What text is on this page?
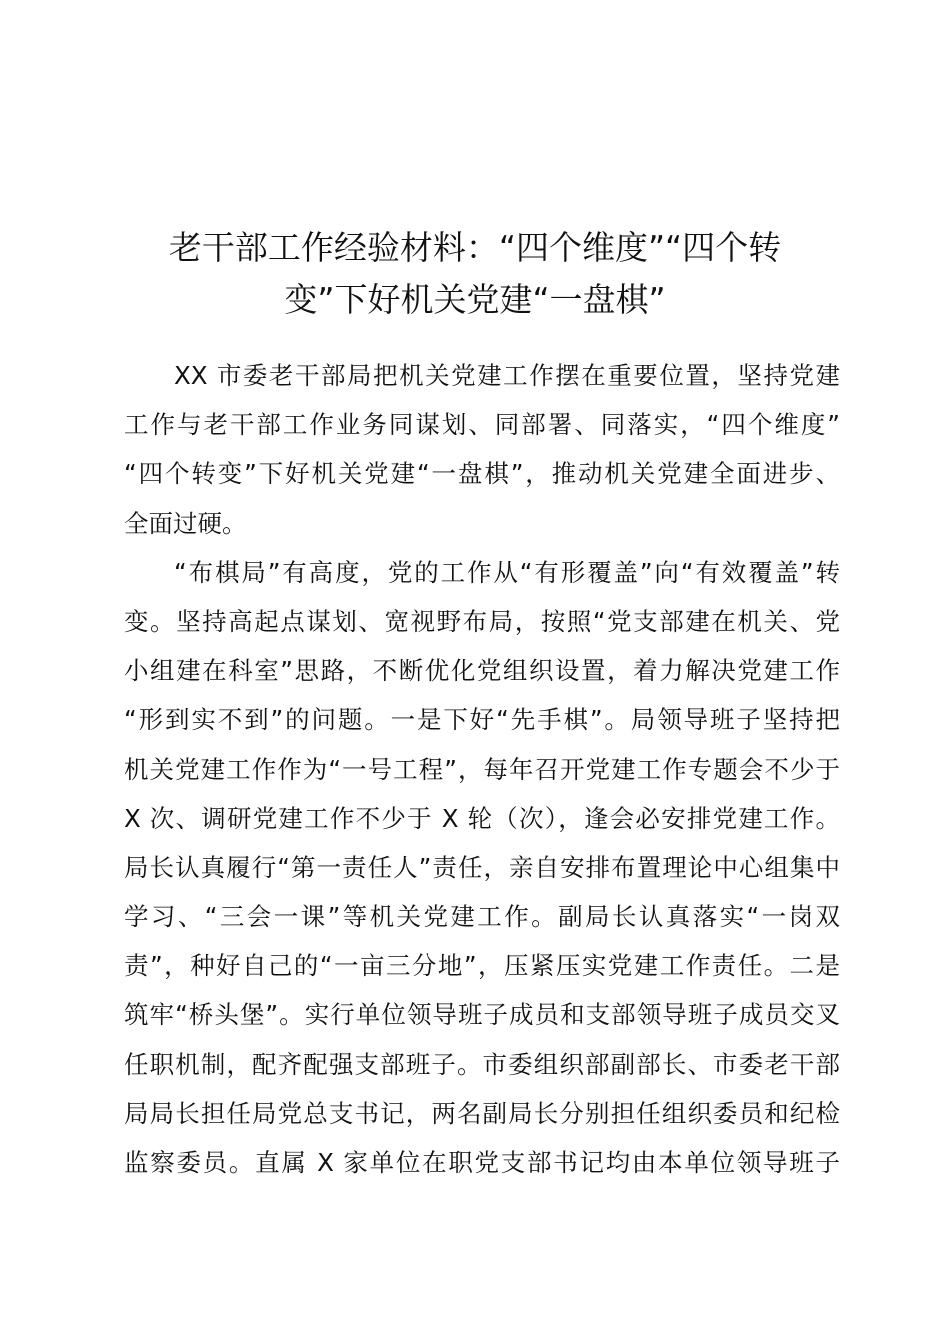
老干部工作经验材料：“四个维度”“四个转
变”下好机关党建“一盘棋”
XX 市委老干部局把机关党建工作摆在重要位置，坚持党建
工作与老干部工作业务同谋划、同部署、同落实，“四个维度”
“四个转变”下好机关党建“一盘棋”，推动机关党建全面进步、
全面过硬。
“布棋局”有高度，党的工作从“有形覆盖”向“有效覆盖”转
变。坚持高起点谋划、宽视野布局，按照“党支部建在机关、党
小组建在科室”思路，不断优化党组织设置，着力解决党建工作
“形到实不到”的问题。一是下好“先手棋”。局领导班子坚持把
机关党建工作作为“一号工程”，每年召开党建工作专题会不少于
X 次、调研党建工作不少于 X 轮（次），逢会必安排党建工作。
局长认真履行“第一责任人”责任，亲自安排布置理论中心组集中
学习、“三会一课”等机关党建工作。副局长认真落实“一岗双
责”，种好自己的“一亩三分地”，压紧压实党建工作责任。二是
筑牢“桥头堡”。实行单位领导班子成员和支部领导班子成员交叉
任职机制，配齐配强支部班子。市委组织部副部长、市委老干部
局局长担任局党总支书记，两名副局长分别担任组织委员和纪检
监察委员。直属 X 家单位在职党支部书记均由本单位领导班子
